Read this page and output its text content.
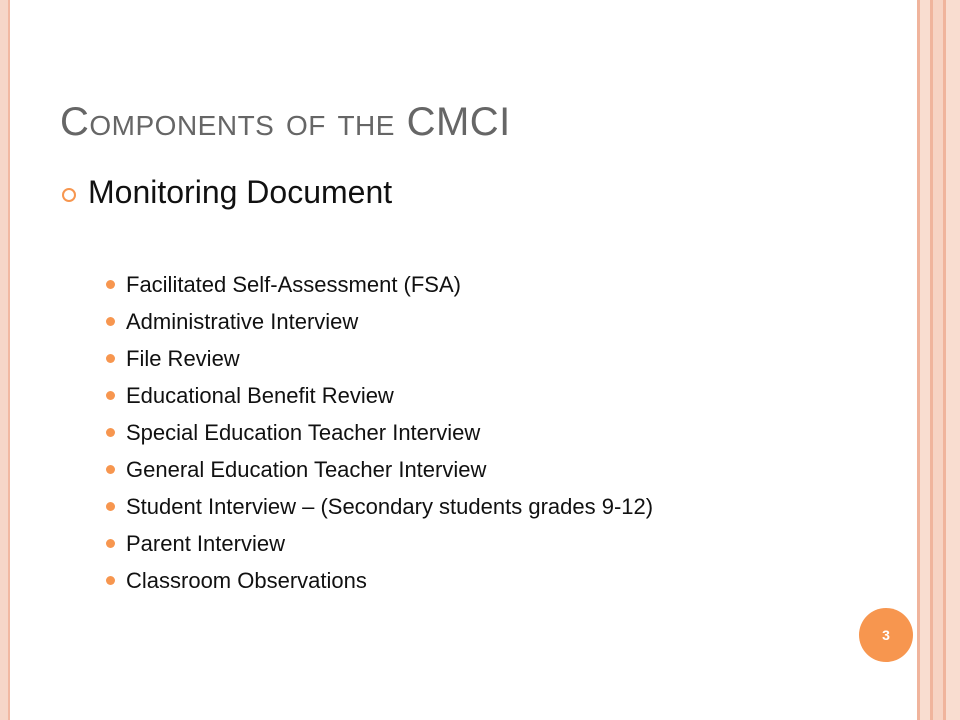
Components of the CMCI
Monitoring Document
Facilitated Self-Assessment (FSA)
Administrative Interview
File Review
Educational Benefit Review
Special Education Teacher Interview
General Education Teacher Interview
Student Interview – (Secondary students grades 9-12)
Parent Interview
Classroom Observations
3
